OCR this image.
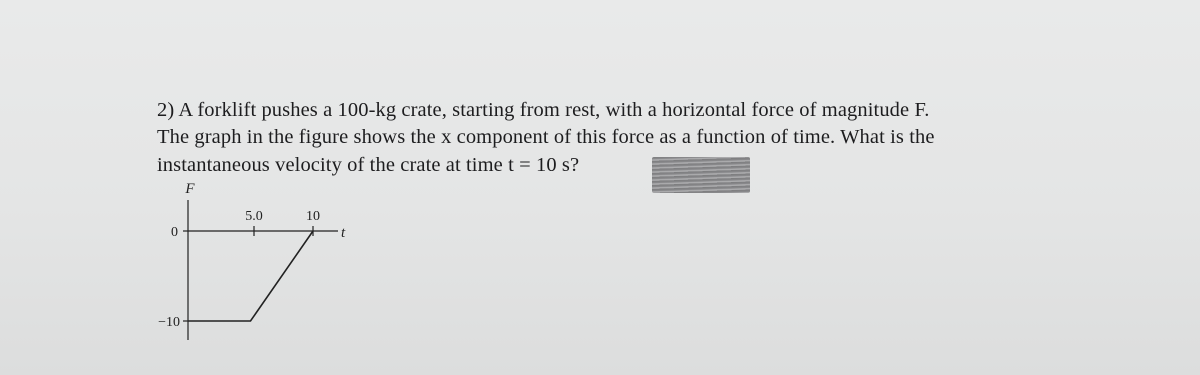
2) A forklift pushes a 100-kg crate, starting from rest, with a horizontal force of magnitude F.
The graph in the figure shows the x component of this force as a function of time. What is the
instantaneous velocity of the crate at time t = 10 s?
F
t
0
−10
5.0	10
